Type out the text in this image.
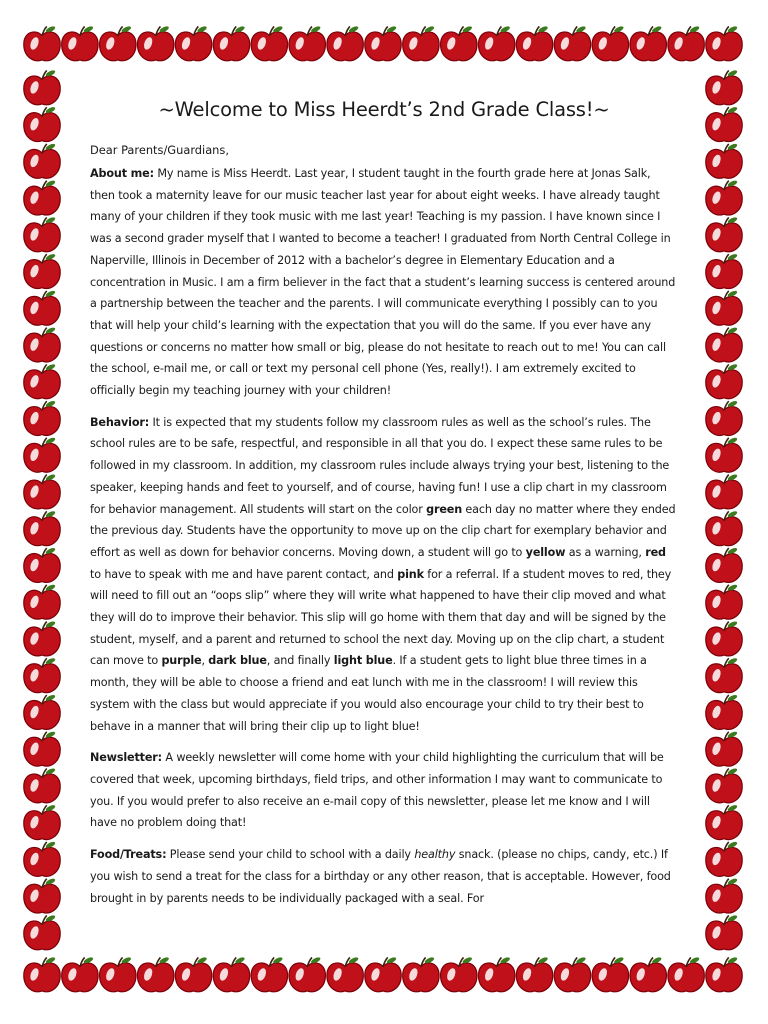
~Welcome to Miss Heerdt’s 2nd Grade Class!~
Dear Parents/Guardians,

About me: My name is Miss Heerdt. Last year, I student taught in the fourth grade here at Jonas Salk, then took a maternity leave for our music teacher last year for about eight weeks. I have already taught many of your children if they took music with me last year! Teaching is my passion. I have known since I was a second grader myself that I wanted to become a teacher! I graduated from North Central College in Naperville, Illinois in December of 2012 with a bachelor’s degree in Elementary Education and a concentration in Music. I am a firm believer in the fact that a student’s learning success is centered around a partnership between the teacher and the parents. I will communicate everything I possibly can to you that will help your child’s learning with the expectation that you will do the same. If you ever have any questions or concerns no matter how small or big, please do not hesitate to reach out to me! You can call the school, e-mail me, or call or text my personal cell phone (Yes, really!). I am extremely excited to officially begin my teaching journey with your children!

Behavior: It is expected that my students follow my classroom rules as well as the school’s rules. The school rules are to be safe, respectful, and responsible in all that you do. I expect these same rules to be followed in my classroom. In addition, my classroom rules include always trying your best, listening to the speaker, keeping hands and feet to yourself, and of course, having fun! I use a clip chart in my classroom for behavior management. All students will start on the color green each day no matter where they ended the previous day. Students have the opportunity to move up on the clip chart for exemplary behavior and effort as well as down for behavior concerns. Moving down, a student will go to yellow as a warning, red to have to speak with me and have parent contact, and pink for a referral. If a student moves to red, they will need to fill out an “oops slip” where they will write what happened to have their clip moved and what they will do to improve their behavior. This slip will go home with them that day and will be signed by the student, myself, and a parent and returned to school the next day. Moving up on the clip chart, a student can move to purple, dark blue, and finally light blue. If a student gets to light blue three times in a month, they will be able to choose a friend and eat lunch with me in the classroom! I will review this system with the class but would appreciate if you would also encourage your child to try their best to behave in a manner that will bring their clip up to light blue!

Newsletter: A weekly newsletter will come home with your child highlighting the curriculum that will be covered that week, upcoming birthdays, field trips, and other information I may want to communicate to you. If you would prefer to also receive an e-mail copy of this newsletter, please let me know and I will have no problem doing that!

Food/Treats: Please send your child to school with a daily healthy snack. (please no chips, candy, etc.) If you wish to send a treat for the class for a birthday or any other reason, that is acceptable. However, food brought in by parents needs to be individually packaged with a seal. For
